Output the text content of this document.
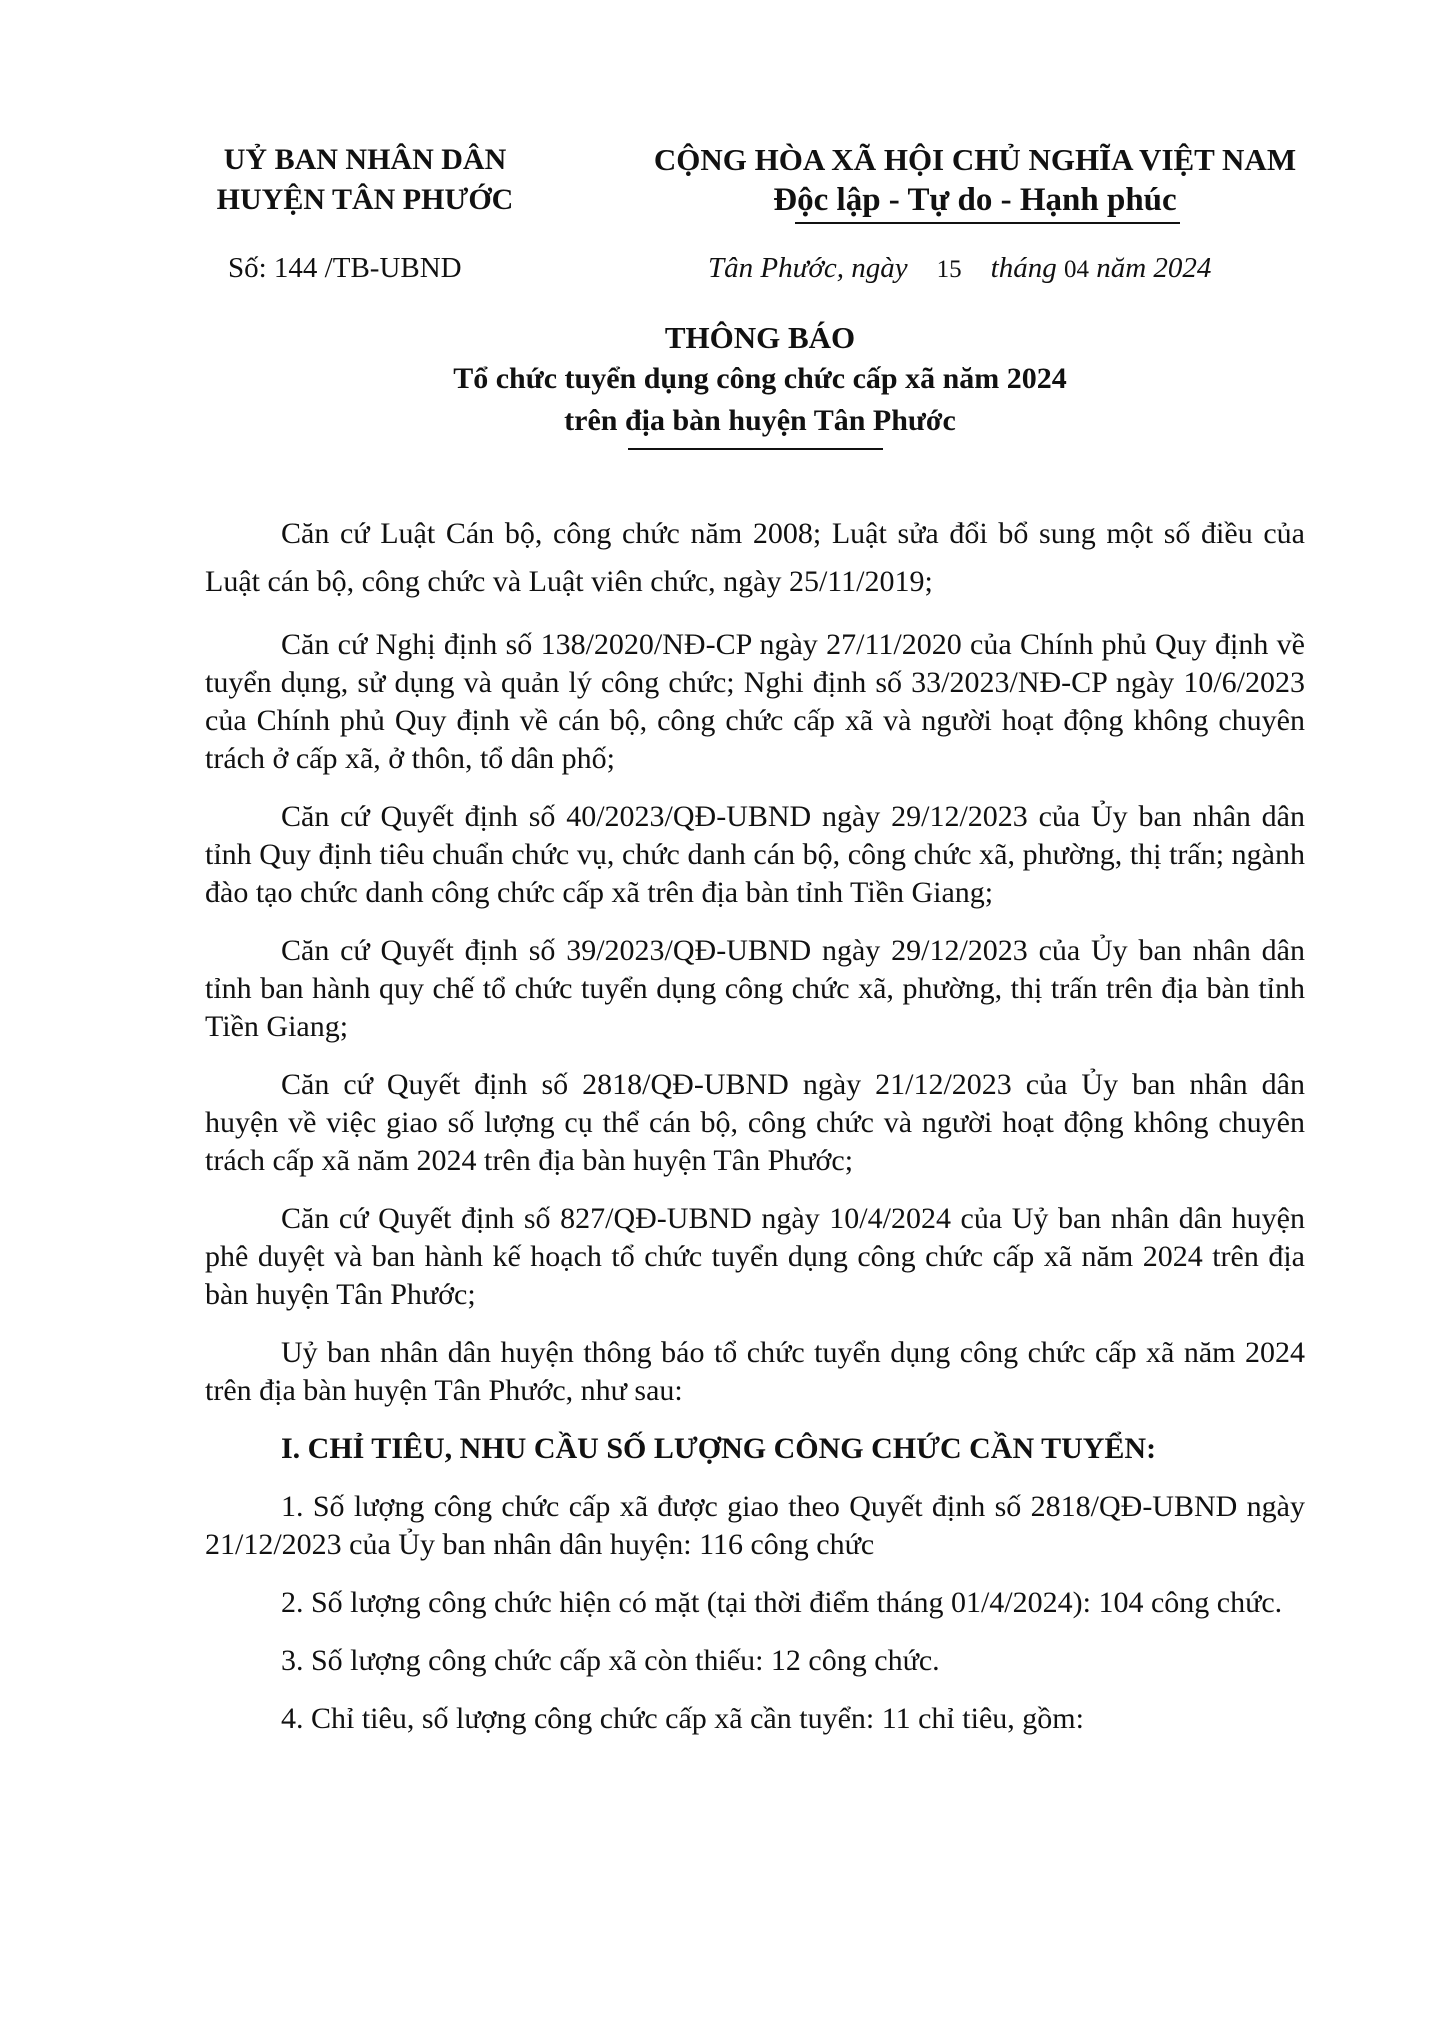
UỶ BAN NHÂN DÂN
HUYỆN TÂN PHƯỚC
CỘNG HÒA XÃ HỘI CHỦ NGHĨA VIỆT NAM
Độc lập - Tự do - Hạnh phúc
Số: 144 /TB-UBND	Tân Phước, ngày 15 tháng 04 năm 2024
THÔNG BÁO
Tổ chức tuyển dụng công chức cấp xã năm 2024
trên địa bàn huyện Tân Phước

Căn cứ Luật Cán bộ, công chức năm 2008; Luật sửa đổi bổ sung một số điều của Luật cán bộ, công chức và Luật viên chức, ngày 25/11/2019;

Căn cứ Nghị định số 138/2020/NĐ-CP ngày 27/11/2020 của Chính phủ Quy định về tuyển dụng, sử dụng và quản lý công chức; Nghi định số 33/2023/NĐ-CP ngày 10/6/2023 của Chính phủ Quy định về cán bộ, công chức cấp xã và người hoạt động không chuyên trách ở cấp xã, ở thôn, tổ dân phố;

Căn cứ Quyết định số 40/2023/QĐ-UBND ngày 29/12/2023 của Ủy ban nhân dân tỉnh Quy định tiêu chuẩn chức vụ, chức danh cán bộ, công chức xã, phường, thị trấn; ngành đào tạo chức danh công chức cấp xã trên địa bàn tỉnh Tiền Giang;

Căn cứ Quyết định số 39/2023/QĐ-UBND ngày 29/12/2023 của Ủy ban nhân dân tỉnh ban hành quy chế tổ chức tuyển dụng công chức xã, phường, thị trấn trên địa bàn tỉnh Tiền Giang;

Căn cứ Quyết định số 2818/QĐ-UBND ngày 21/12/2023 của Ủy ban nhân dân huyện về việc giao số lượng cụ thể cán bộ, công chức và người hoạt động không chuyên trách cấp xã năm 2024 trên địa bàn huyện Tân Phước;

Căn cứ Quyết định số 827/QĐ-UBND ngày 10/4/2024 của Uỷ ban nhân dân huyện phê duyệt và ban hành kế hoạch tổ chức tuyển dụng công chức cấp xã năm 2024 trên địa bàn huyện Tân Phước;

Uỷ ban nhân dân huyện thông báo tổ chức tuyển dụng công chức cấp xã năm 2024 trên địa bàn huyện Tân Phước, như sau:

I. CHỈ TIÊU, NHU CẦU SỐ LƯỢNG CÔNG CHỨC CẦN TUYỂN:

1. Số lượng công chức cấp xã được giao theo Quyết định số 2818/QĐ-UBND ngày 21/12/2023 của Ủy ban nhân dân huyện: 116 công chức

2. Số lượng công chức hiện có mặt (tại thời điểm tháng 01/4/2024): 104 công chức.

3. Số lượng công chức cấp xã còn thiếu: 12 công chức.

4. Chỉ tiêu, số lượng công chức cấp xã cần tuyển: 11 chỉ tiêu, gồm:
